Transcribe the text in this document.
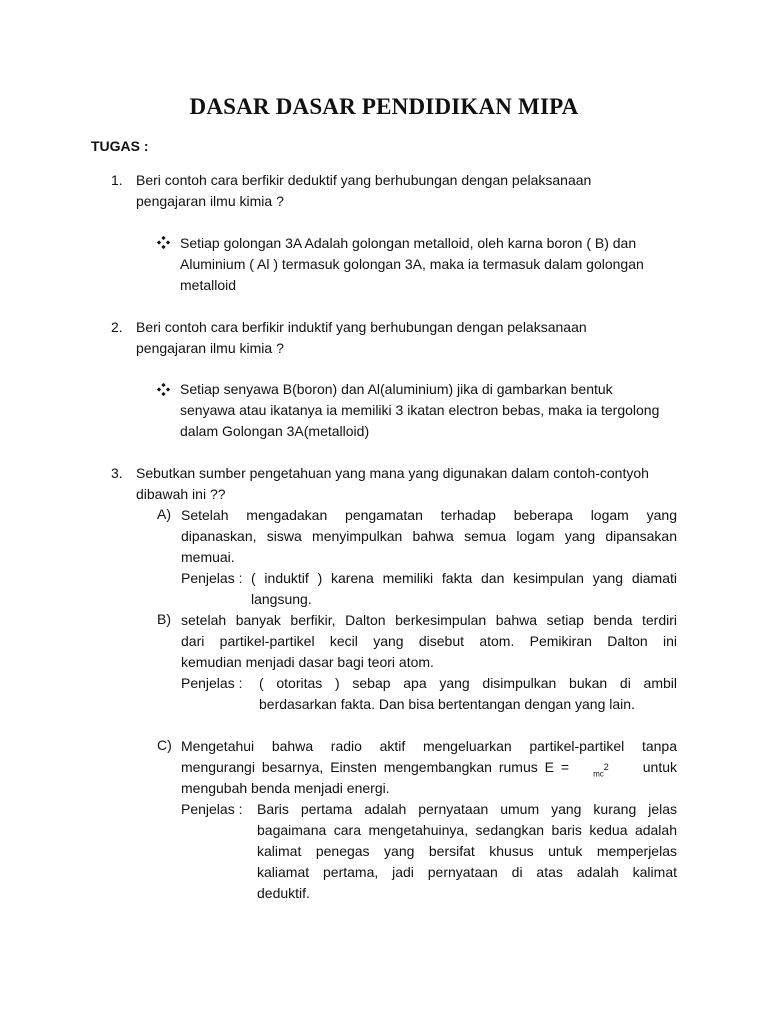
DASAR DASAR PENDIDIKAN MIPA
TUGAS :
1. Beri contoh cara berfikir deduktif yang berhubungan dengan pelaksanaan
pengajaran ilmu kimia ?
Setiap golongan 3A Adalah golongan metalloid, oleh karna boron ( B) dan
Aluminium ( Al ) termasuk golongan 3A, maka ia termasuk dalam golongan
metalloid
2. Beri contoh cara berfikir induktif yang berhubungan dengan pelaksanaan
pengajaran ilmu kimia ?
Setiap senyawa B(boron) dan Al(aluminium) jika di gambarkan bentuk
senyawa atau ikatanya ia memiliki 3 ikatan electron bebas, maka ia tergolong
dalam Golongan 3A(metalloid)
3. Sebutkan sumber pengetahuan yang mana yang digunakan dalam contoh-contyoh
dibawah ini ??
A) Setelah mengadakan pengamatan terhadap beberapa logam yang
dipanaskan, siswa menyimpulkan bahwa semua logam yang dipansakan
memuai.
Penjelas : ( induktif ) karena memiliki fakta dan kesimpulan yang diamati
langsung.
B) setelah banyak berfikir, Dalton berkesimpulan bahwa setiap benda terdiri
dari partikel-partikel kecil yang disebut atom. Pemikiran Dalton ini
kemudian menjadi dasar bagi teori atom.
Penjelas : ( otoritas ) sebap apa yang disimpulkan bukan di ambil
berdasarkan fakta. Dan bisa bertentangan dengan yang lain.
C) Mengetahui bahwa radio aktif mengeluarkan partikel-partikel tanpa
mengurangi besarnya, Einsten mengembangkan rumus E =	$mc^2$ untuk
mengubah benda menjadi energi.
Penjelas : Baris pertama adalah pernyataan umum yang kurang jelas
bagaimana cara mengetahuinya, sedangkan baris kedua adalah
kalimat penegas yang bersifat khusus untuk memperjelas
kaliamat pertama, jadi pernyataan di atas adalah kalimat
deduktif.
